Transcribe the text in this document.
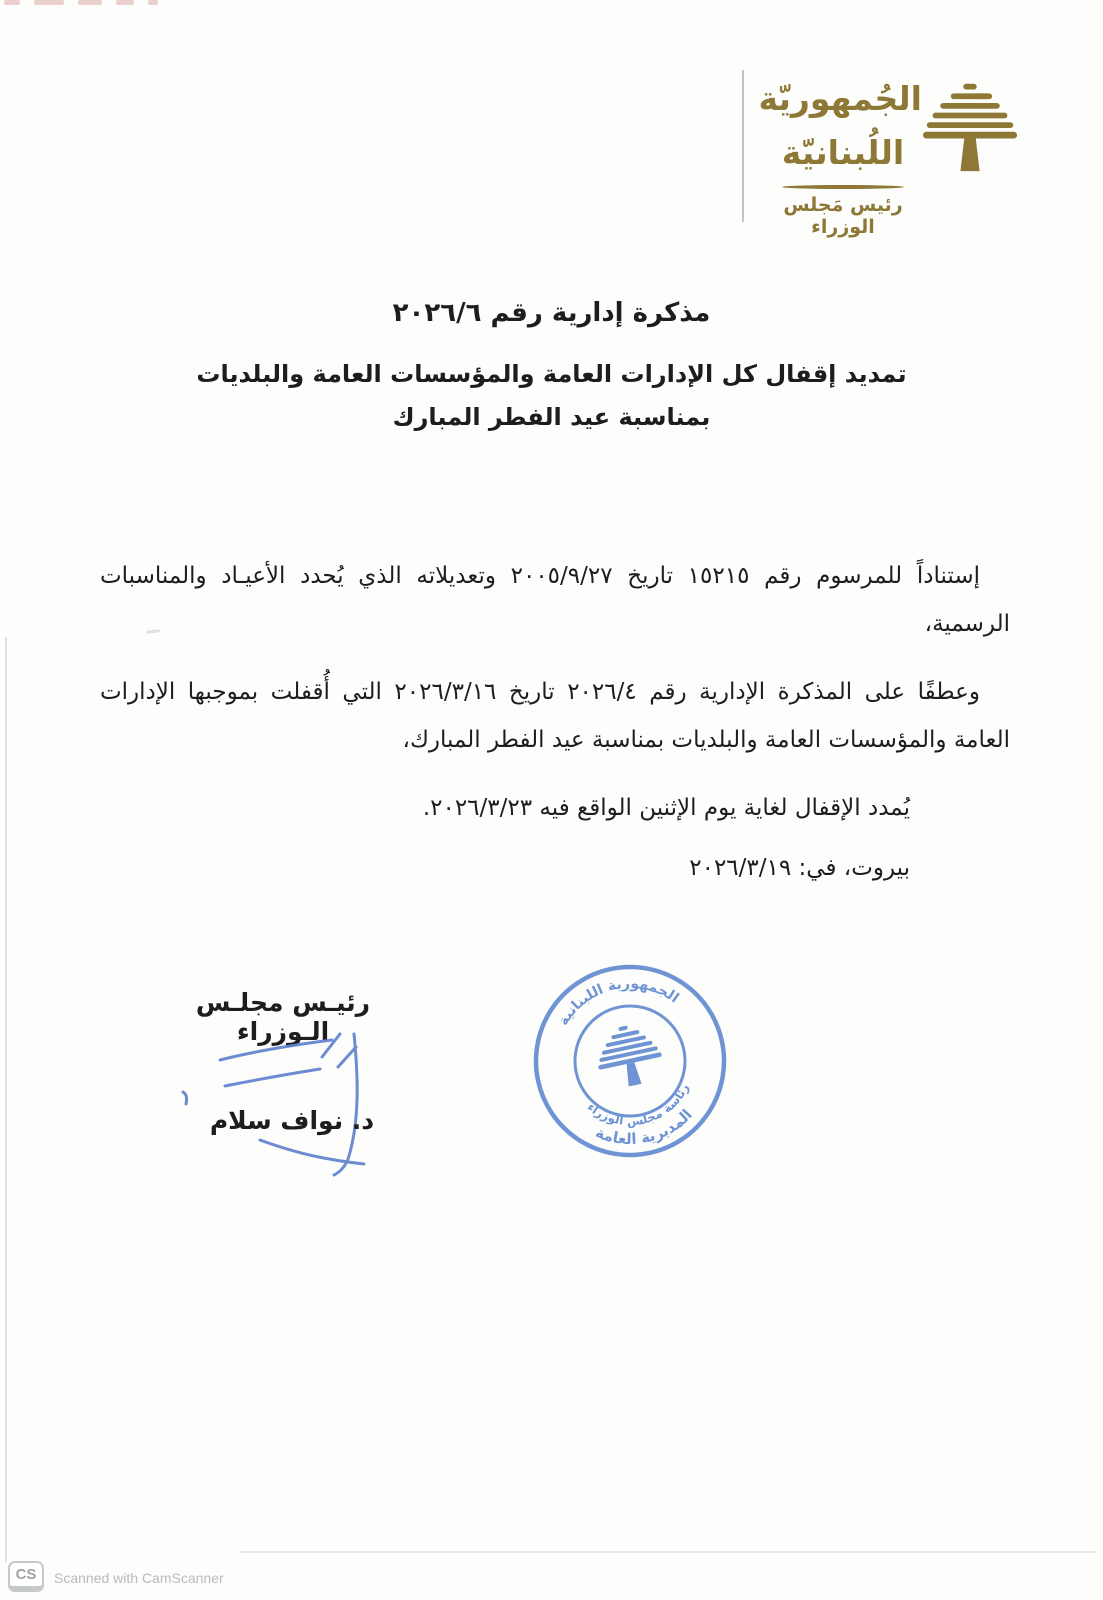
الجُمهوريّة
اللُبنانيّة
رئيس مَجلس الوزراء
مذكرة إدارية رقم ٢٠٢٦/٦
تمديد إقفال كل الإدارات العامة والمؤسسات العامة والبلديات
بمناسبة عيد الفطر المبارك

إستناداً للمرسوم رقم ١٥٢١٥ تاريخ ٢٠٠٥/٩/٢٧ وتعديلاته الذي يُحدد الأعيـاد والمناسبات الرسمية،

وعطفًا على المذكرة الإدارية رقم ٢٠٢٦/٤ تاريخ ٢٠٢٦/٣/١٦ التي أُقفلت بموجبها الإدارات العامة والمؤسسات العامة والبلديات بمناسبة عيد الفطر المبارك،

يُمدد الإقفال لغاية يوم الإثنين الواقع فيه ٢٠٢٦/٣/٢٣.

بيروت، في: ٢٠٢٦/٣/١٩
رئيـس مجلـس الـوزراء
د. نواف سلام
الجمهورية اللبنانية
رئاسة مجلس الوزراء
المديرية العامة
CS	Scanned with CamScanner
